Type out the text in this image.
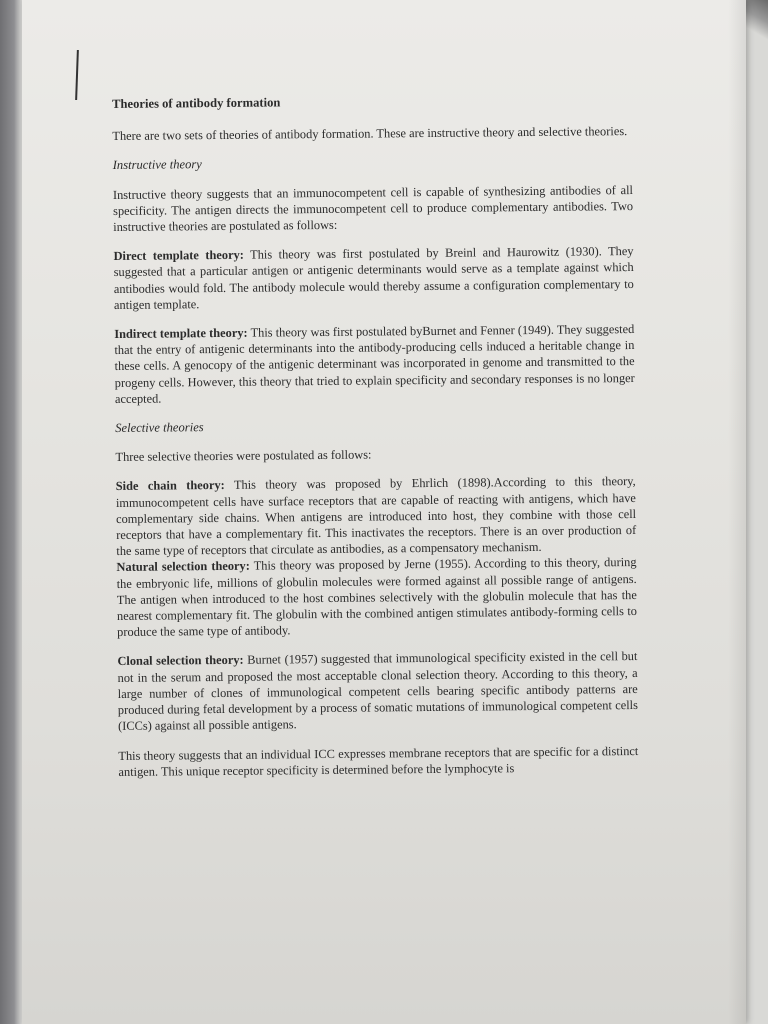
Theories of antibody formation

There are two sets of theories of antibody formation. These are instructive theory and selective theories.

Instructive theory

Instructive theory suggests that an immunocompetent cell is capable of synthesizing antibodies of all specificity. The antigen directs the immunocompetent cell to produce complementary antibodies. Two instructive theories are postulated as follows:

Direct template theory: This theory was first postulated by Breinl and Haurowitz (1930). They suggested that a particular antigen or antigenic determinants would serve as a template against which antibodies would fold. The antibody molecule would thereby assume a configuration complementary to antigen template.

Indirect template theory: This theory was first postulated byBurnet and Fenner (1949). They suggested that the entry of antigenic determinants into the antibody-producing cells induced a heritable change in these cells. A genocopy of the antigenic determinant was incorporated in genome and transmitted to the progeny cells. However, this theory that tried to explain specificity and secondary responses is no longer accepted.

Selective theories

Three selective theories were postulated as follows:

Side chain theory: This theory was proposed by Ehrlich (1898).According to this theory, immunocompetent cells have surface receptors that are capable of reacting with antigens, which have complementary side chains. When antigens are introduced into host, they combine with those cell receptors that have a complementary fit. This inactivates the receptors. There is an over production of the same type of receptors that circulate as antibodies, as a compensatory mechanism.

Natural selection theory: This theory was proposed by Jerne (1955). According to this theory, during the embryonic life, millions of globulin molecules were formed against all possible range of antigens. The antigen when introduced to the host combines selectively with the globulin molecule that has the nearest complementary fit. The globulin with the combined antigen stimulates antibody-forming cells to produce the same type of antibody.

Clonal selection theory: Burnet (1957) suggested that immunological specificity existed in the cell but not in the serum and proposed the most acceptable clonal selection theory. According to this theory, a large number of clones of immunological competent cells bearing specific antibody patterns are produced during fetal development by a process of somatic mutations of immunological competent cells (ICCs) against all possible antigens.

This theory suggests that an individual ICC expresses membrane receptors that are specific for a distinct antigen. This unique receptor specificity is determined before the lymphocyte is
